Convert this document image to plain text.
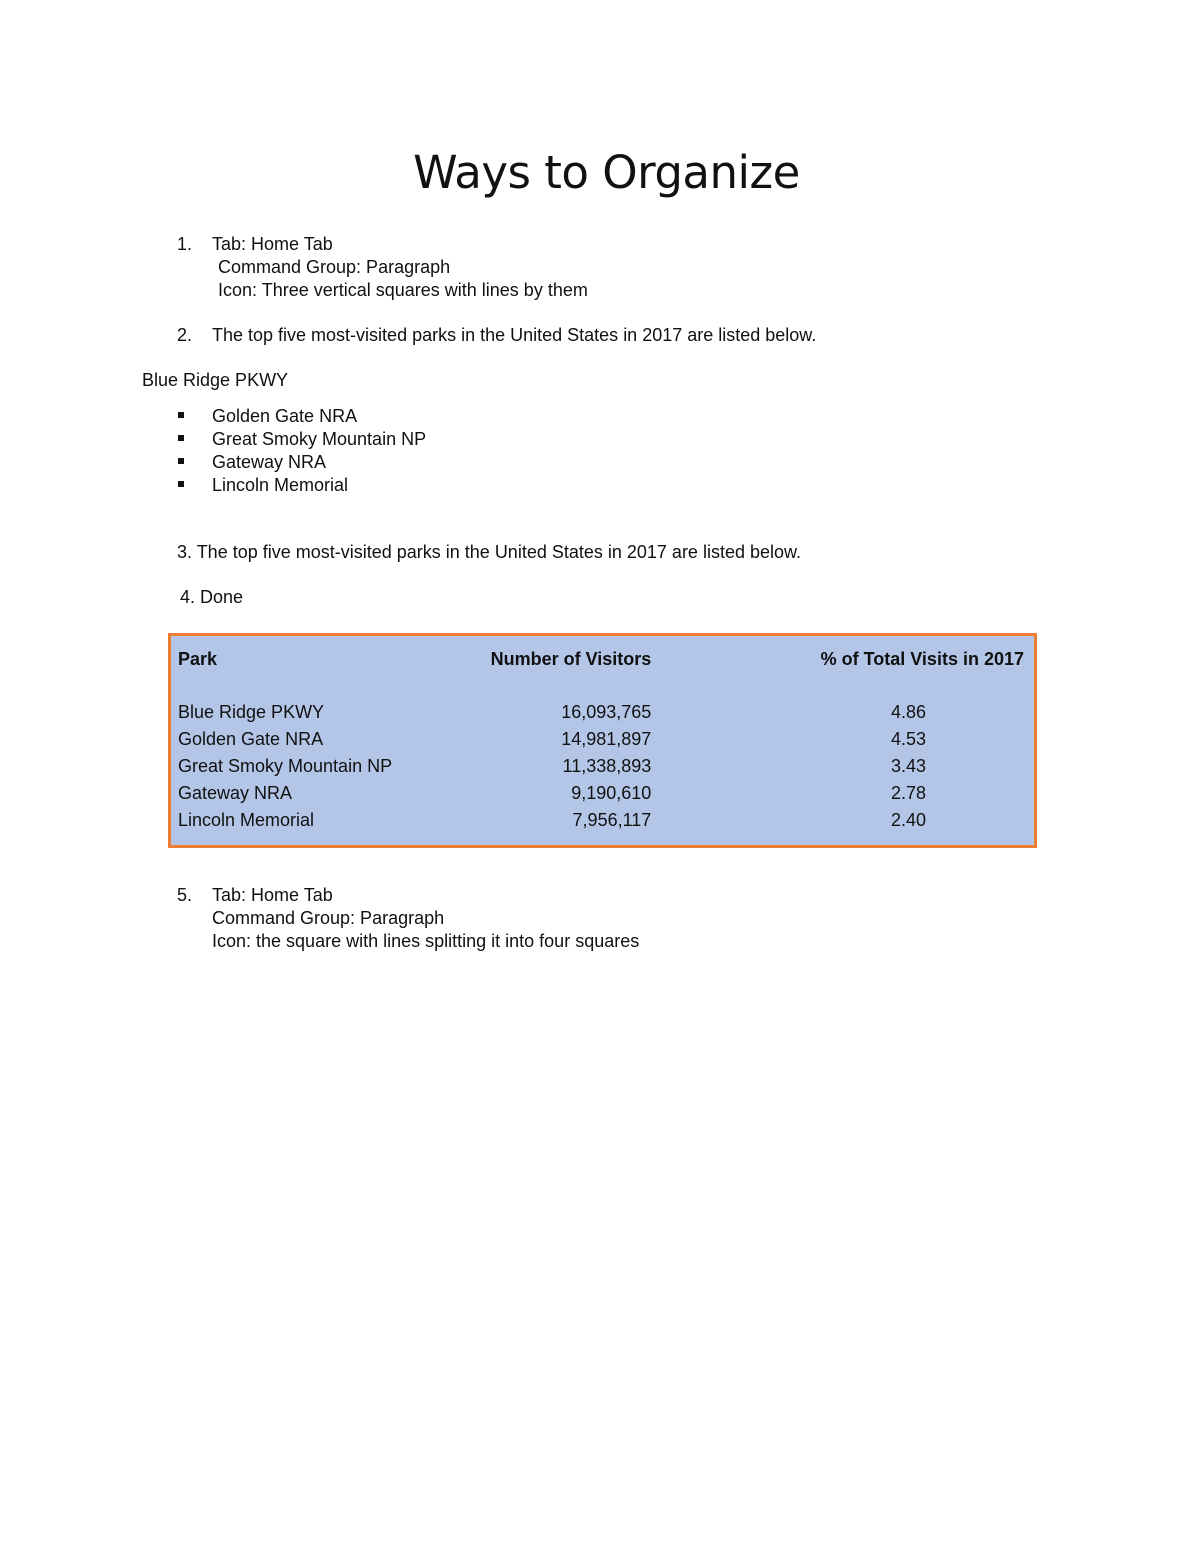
Ways to Organize
1. Tab: Home Tab
Command Group: Paragraph
Icon: Three vertical squares with lines by them
2. The top five most-visited parks in the United States in 2017 are listed below.
Blue Ridge PKWY
Golden Gate NRA
Great Smoky Mountain NP
Gateway NRA
Lincoln Memorial
3. The top five most-visited parks in the United States in 2017 are listed below.
4. Done
Park	Number of Visitors	% of Total Visits in 2017

Blue Ridge PKWY	16,093,765	4.86
Golden Gate NRA	14,981,897	4.53
Great Smoky Mountain NP	11,338,893	3.43
Gateway NRA	9,190,610	2.78
Lincoln Memorial	7,956,117	2.40
5. Tab: Home Tab
Command Group: Paragraph
Icon: the square with lines splitting it into four squares
